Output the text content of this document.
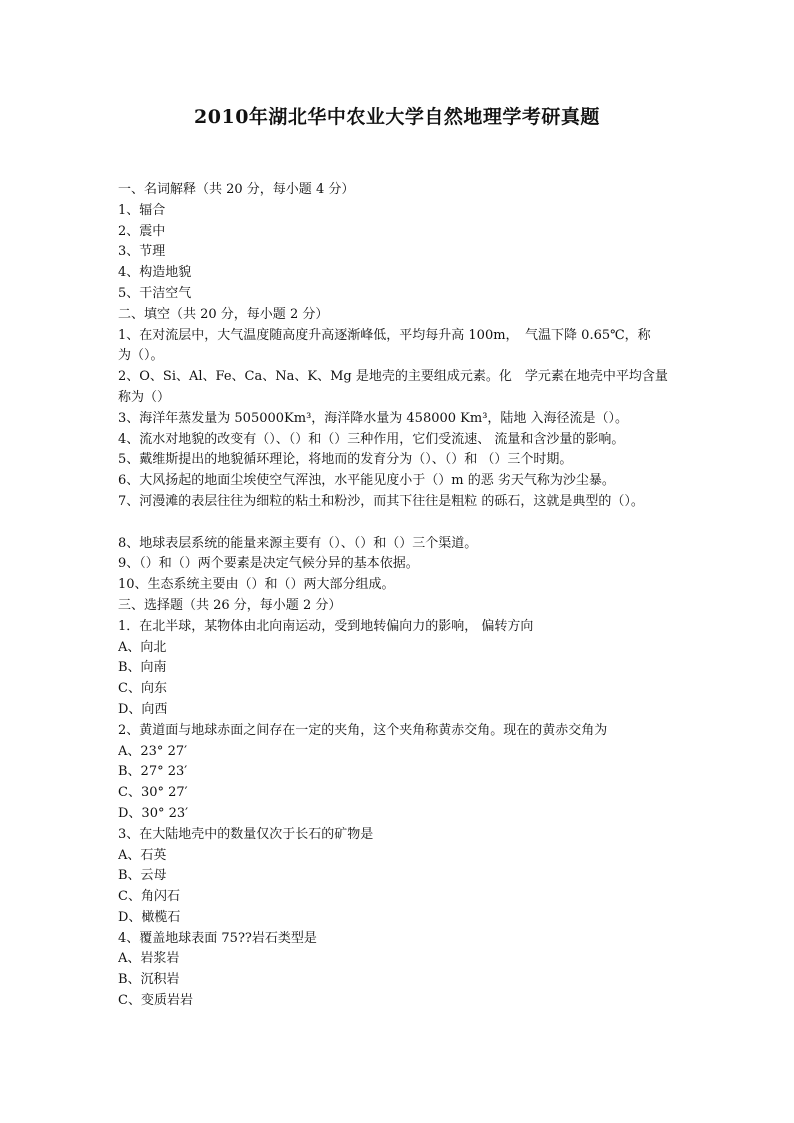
2010年湖北华中农业大学自然地理学考研真题
一、名词解释（共 20 分，每小题 4 分）
1、辐合
2、震中
3、节理
4、构造地貌
5、干洁空气
二、填空（共 20 分，每小题 2 分）
1、在对流层中，大气温度随高度升高逐渐峰低，平均每升高 100m，　气温下降 0.65℃，称
为（）。
2、O、Si、Al、Fe、Ca、Na、K、Mg 是地壳的主要组成元素。化　学元素在地壳中平均含量
称为（）
3、海洋年蒸发量为 505000Km³，海洋降水量为 458000 Km³，陆地 入海径流是（）。
4、流水对地貌的改变有（）、（）和（）三种作用，它们受流速、 流量和含沙量的影响。
5、戴维斯提出的地貌循环理论，将地而的发育分为（）、（）和 （）三个时期。
6、大风扬起的地面尘埃使空气浑浊，水平能见度小于（）m 的恶 劣天气称为沙尘暴。
7、河漫滩的表层往往为细粒的粘土和粉沙，而其下往往是粗粒 的砾石，这就是典型的（）。
8、地球表层系统的能量来源主要有（）、（）和（）三个渠道。
9、（）和（）两个要素是决定气候分异的基本依据。
10、生态系统主要由（）和（）两大部分组成。
三、选择题（共 26 分，每小题 2 分）
1．在北半球，某物体由北向南运动，受到地转偏向力的影响， 偏转方向
A、向北
B、向南
C、向东
D、向西
2、黄道面与地球赤面之间存在一定的夹角，这个夹角称黄赤交角。现在的黄赤交角为
A、23° 27′
B、27° 23′
C、30° 27′
D、30° 23′
3、在大陆地壳中的数量仅次于长石的矿物是
A、石英
B、云母
C、角闪石
D、橄榄石
4、覆盖地球表面 75??岩石类型是
A、岩浆岩
B、沉积岩
C、变质岩岩
